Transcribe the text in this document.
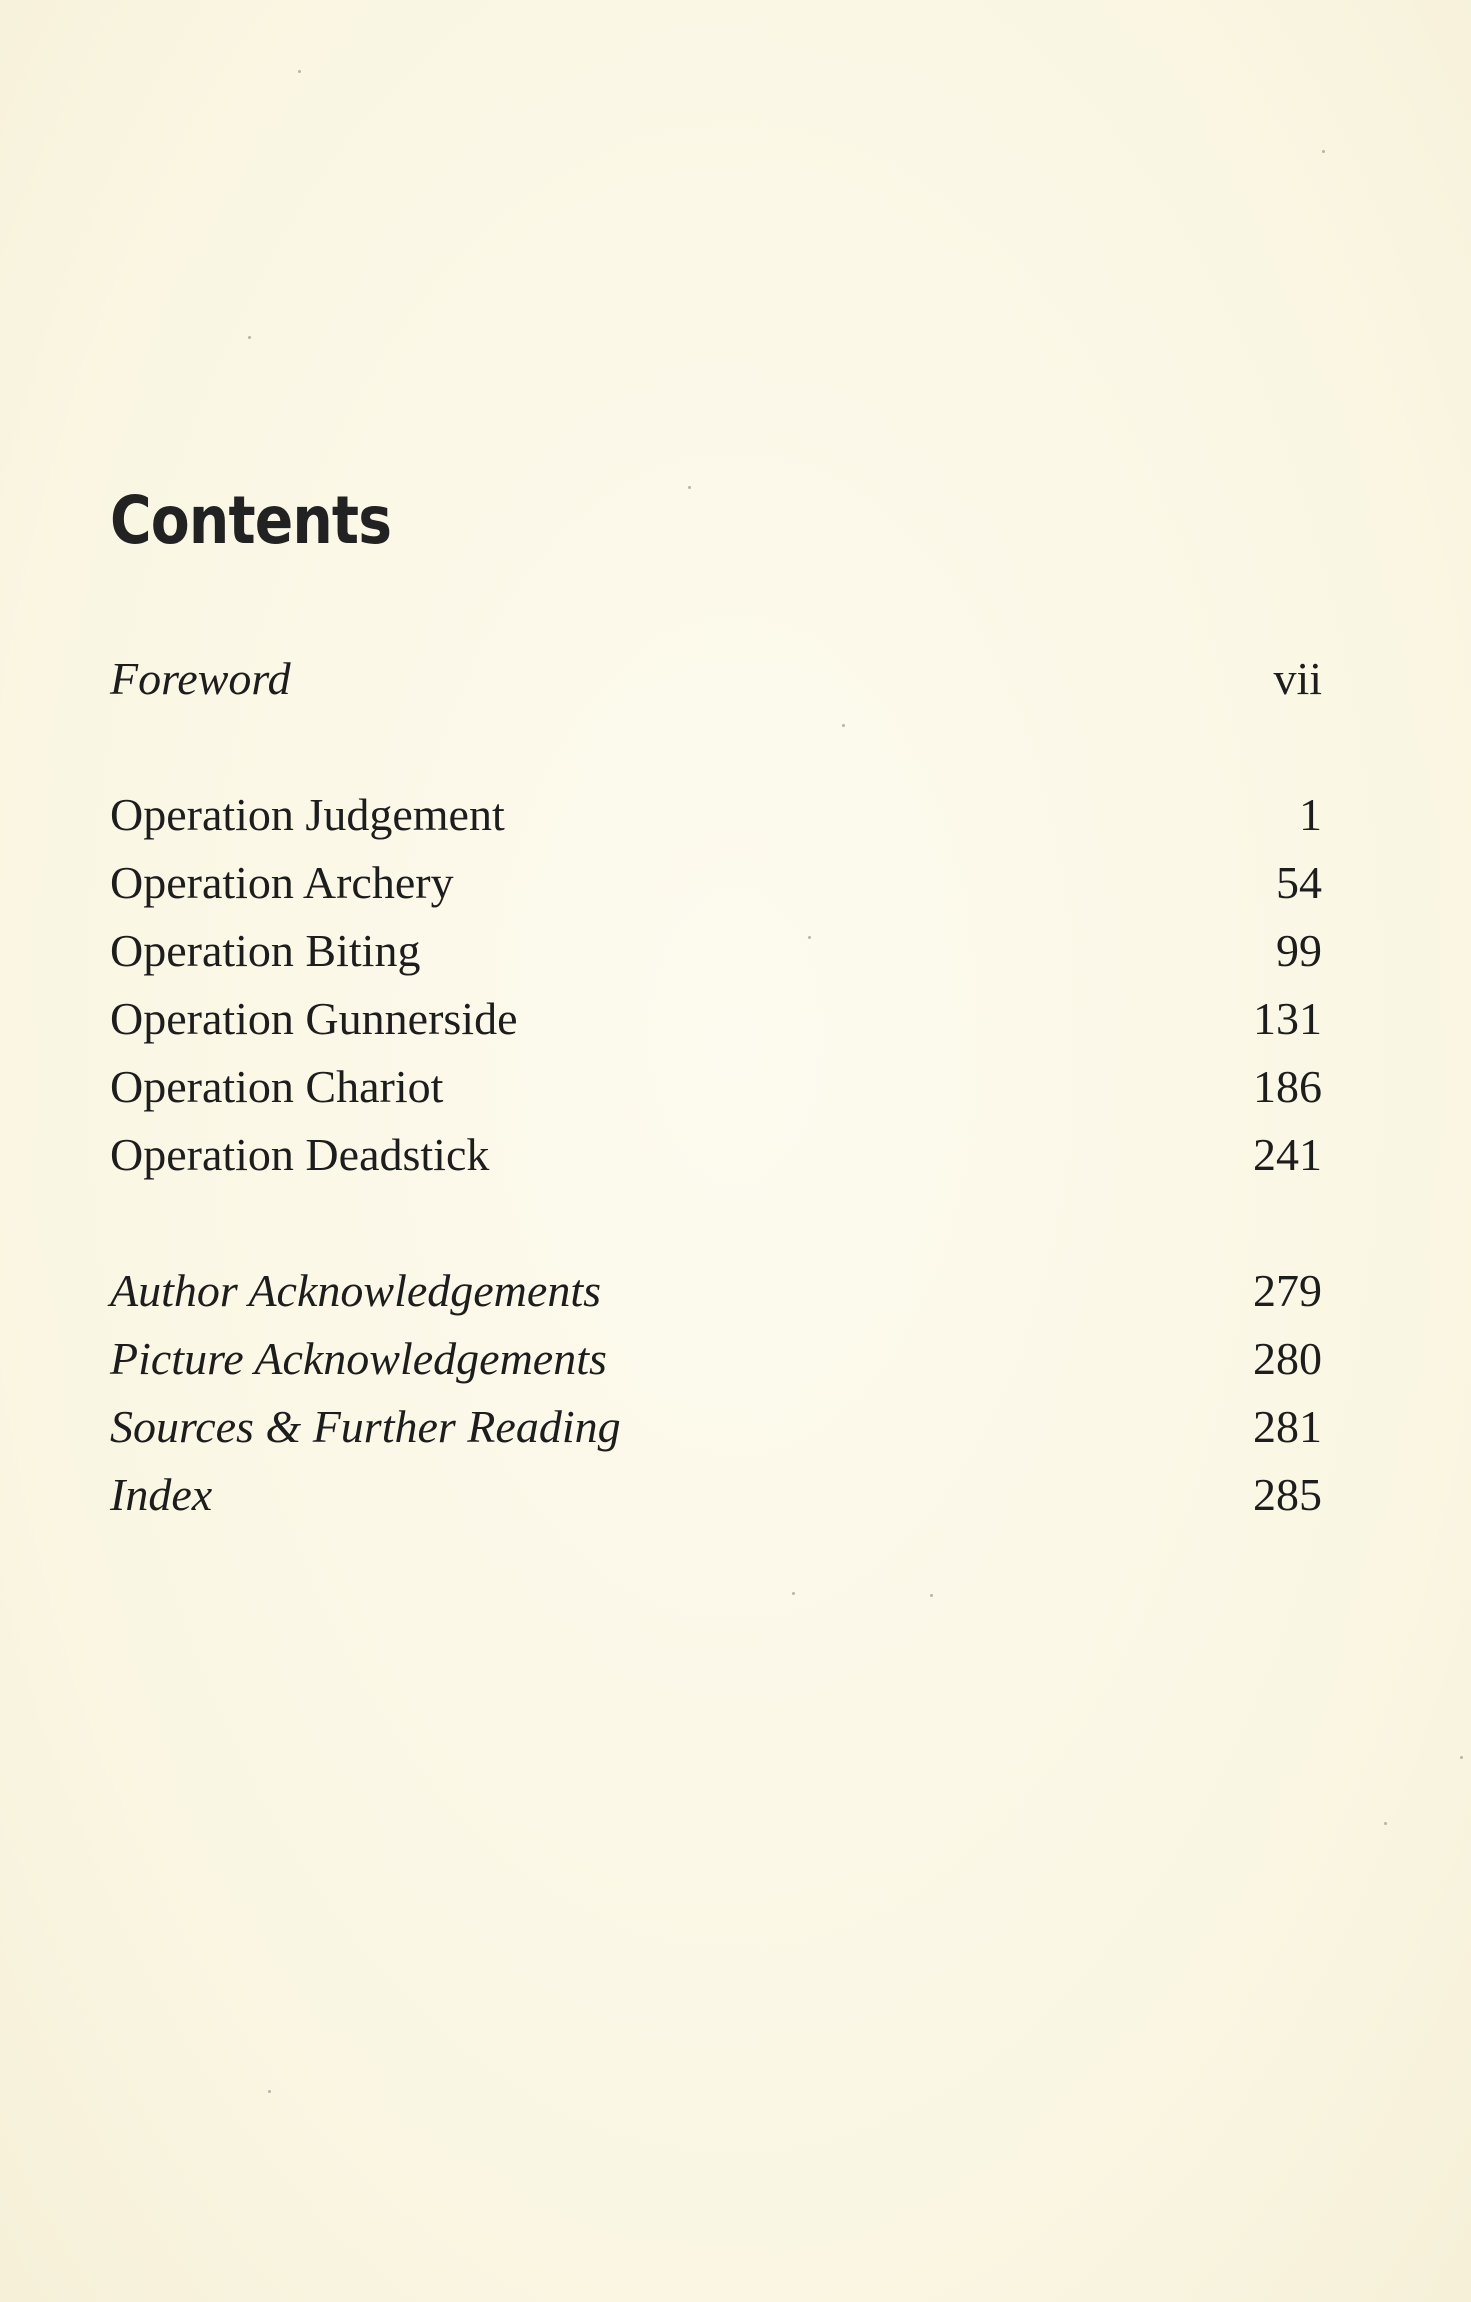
Contents
Foreword	vii
Operation Judgement	1
Operation Archery	54
Operation Biting	99
Operation Gunnerside	131
Operation Chariot	186
Operation Deadstick	241
Author Acknowledgements	279
Picture Acknowledgements	280
Sources & Further Reading	281
Index	285
